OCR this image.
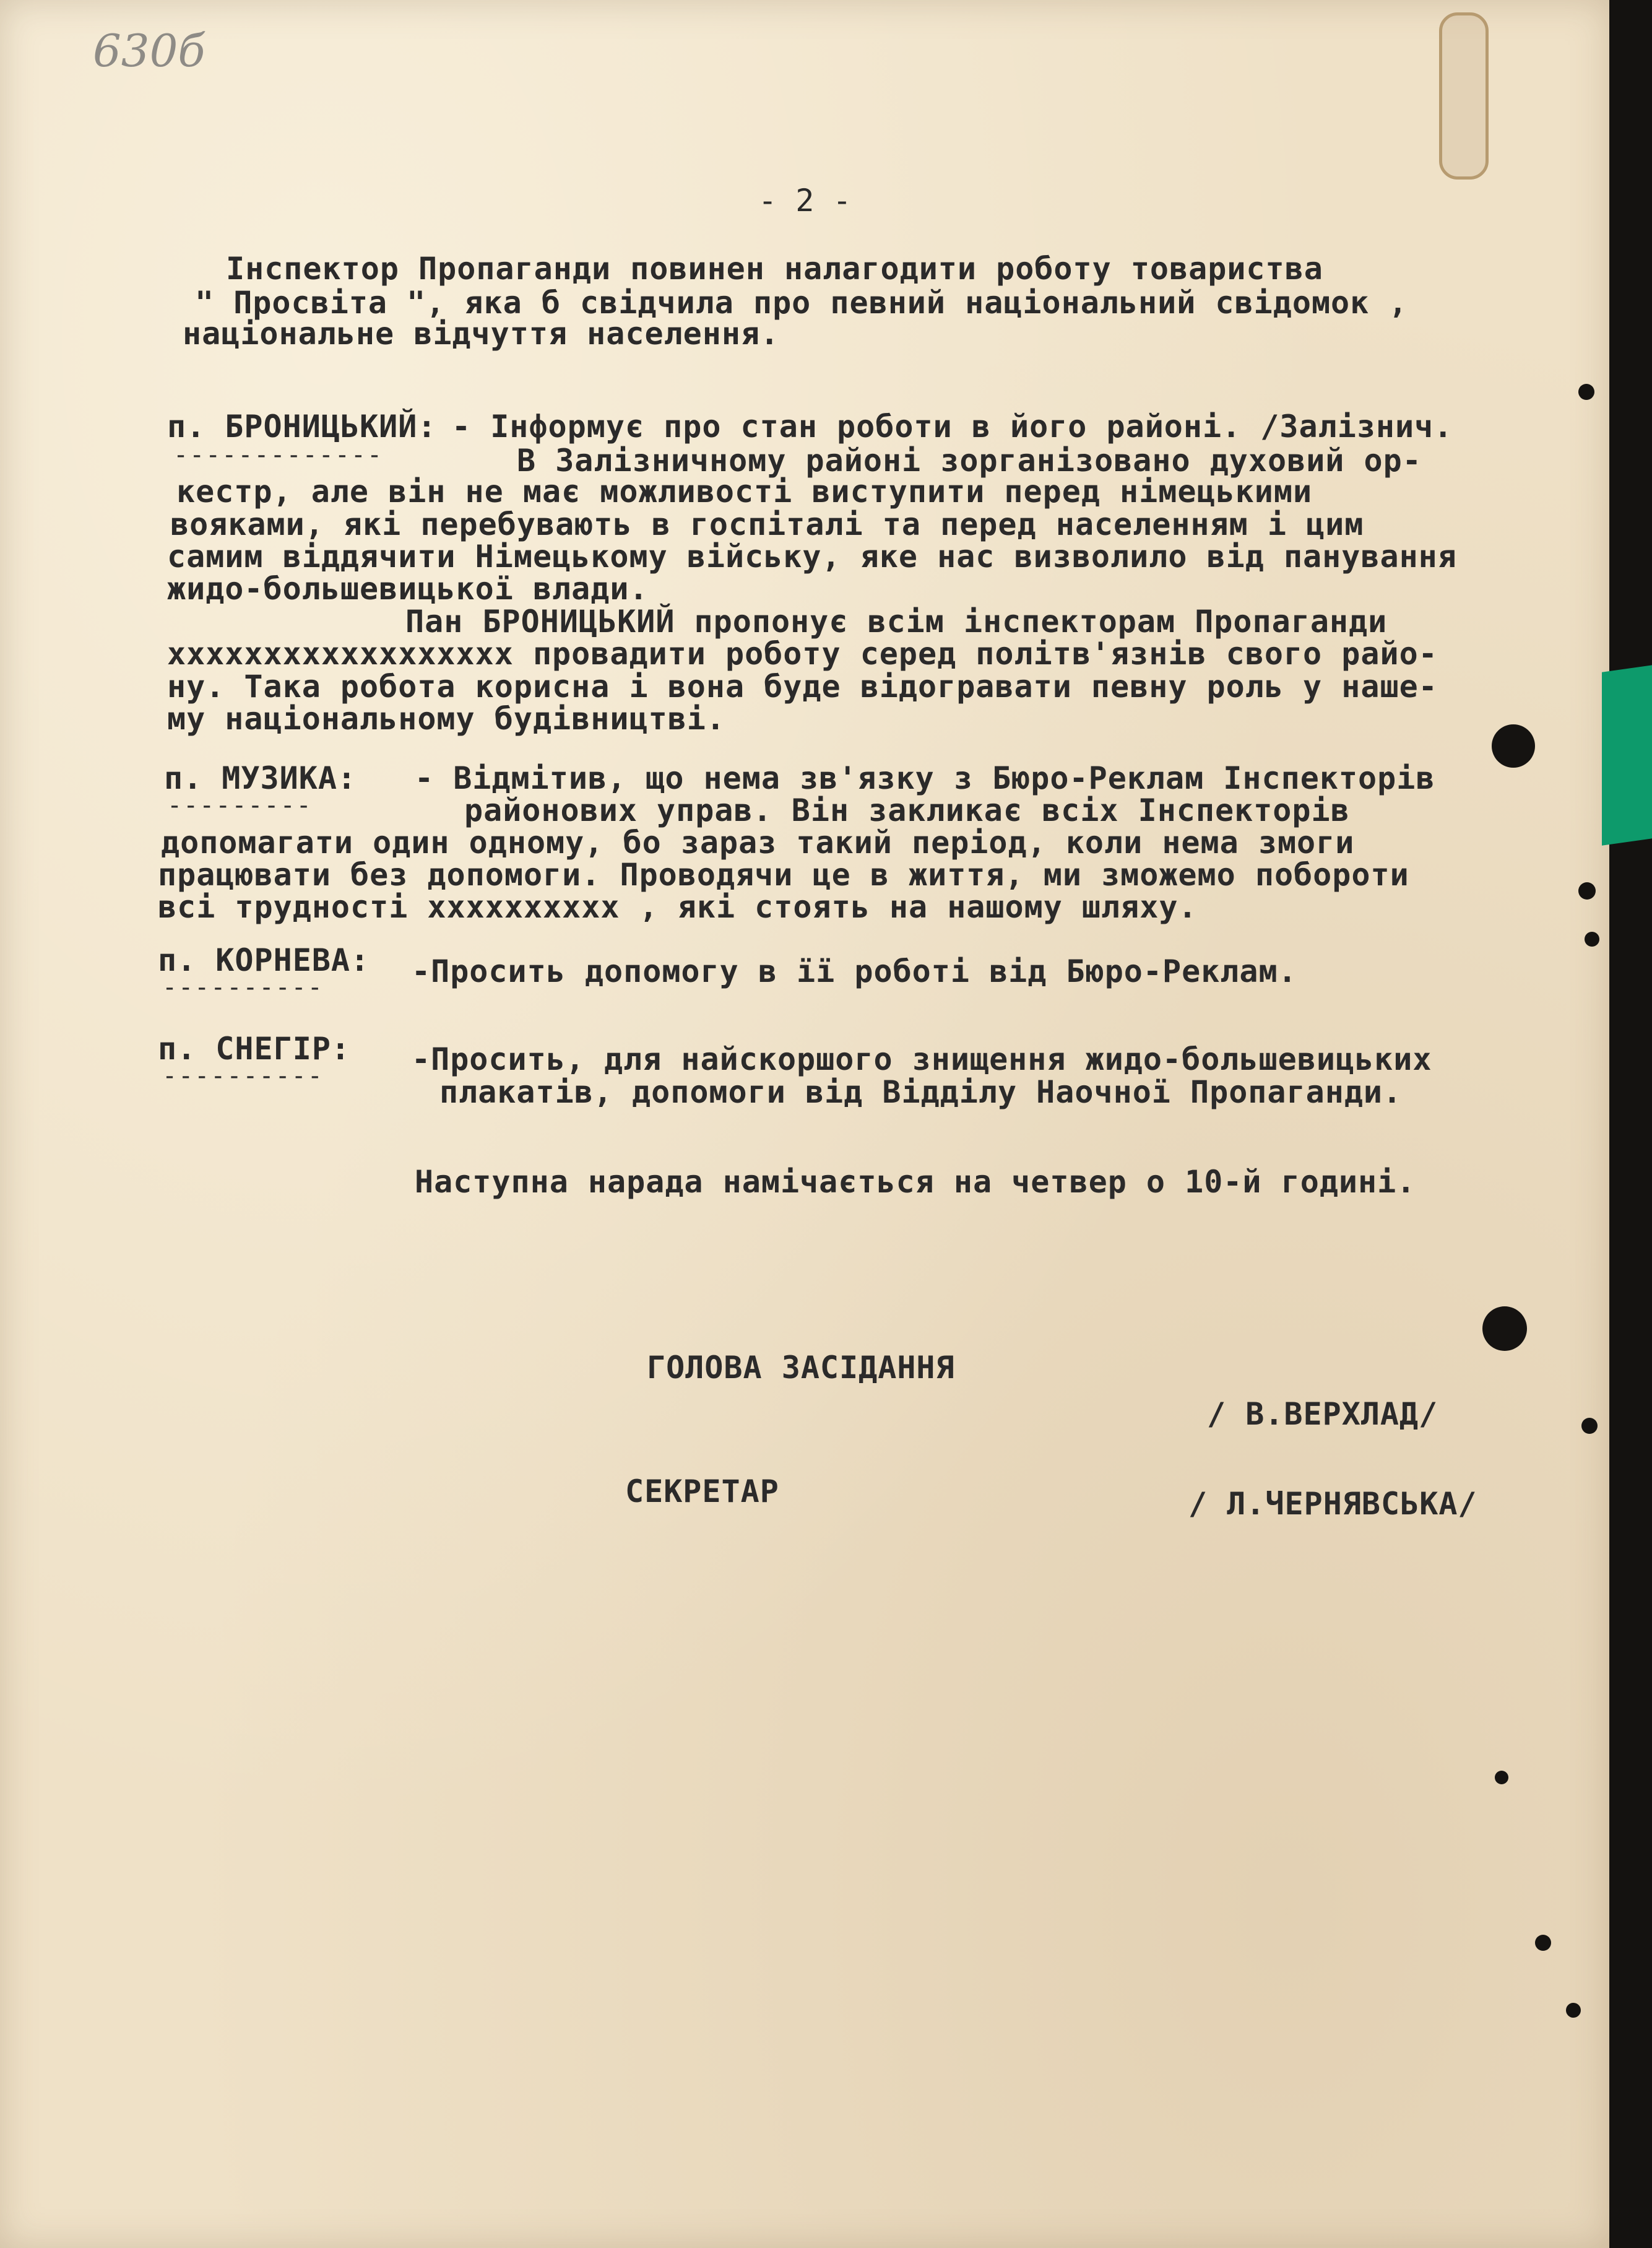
630б
- 2 -
Інспектор Пропаганди повинен налагодити роботу товариства
" Просвіта ", яка б свідчила про певний національний свідомок ,
національне відчуття населення.
п. БРОНИЦЬКИЙ:
-------------
- Інформує про стан роботи в його районі. /Залізнич.
В Залізничному районі зорганізовано духовий ор-
кестр, але він не має можливості виступити перед німецькими
вояками, які перебувають в госпіталі та перед населенням і цим
самим віддячити Німецькому війську, яке нас визволило від панування
жидо-большевицької влади.
Пан БРОНИЦЬКИЙ пропонує всім інспекторам Пропаганди
xxxxxxxxxxxxxxxxxx провадити роботу серед політв'язнів свого райо-
ну. Така робота корисна і вона буде відогравати певну роль у наше-
му національному будівництві.
п. МУЗИКА:
---------
- Відмітив, що нема зв'язку з Бюро-Реклам Інспекторів
районових управ. Він закликає всіх Інспекторів
допомагати один одному, бо зараз такий період, коли нема змоги
працювати без допомоги. Проводячи це в життя, ми зможемо побороти
всі трудності xxxxxxxxxx , які стоять на нашому шляху.
п. КОРНЕВА:
----------	-Просить допомогу в її роботі від Бюро-Реклам.
п. СНЕГІР:
----------	-Просить, для найскоршого знищення жидо-большевицьких
плакатів, допомоги від Відділу Наочної Пропаганди.
Наступна нарада намічається на четвер о 10-й годині.
ГОЛОВА ЗАСІДАННЯ
/ В.ВЕРХЛАД/
СЕКРЕТАР	/ Л.ЧЕРНЯВСЬКА/
